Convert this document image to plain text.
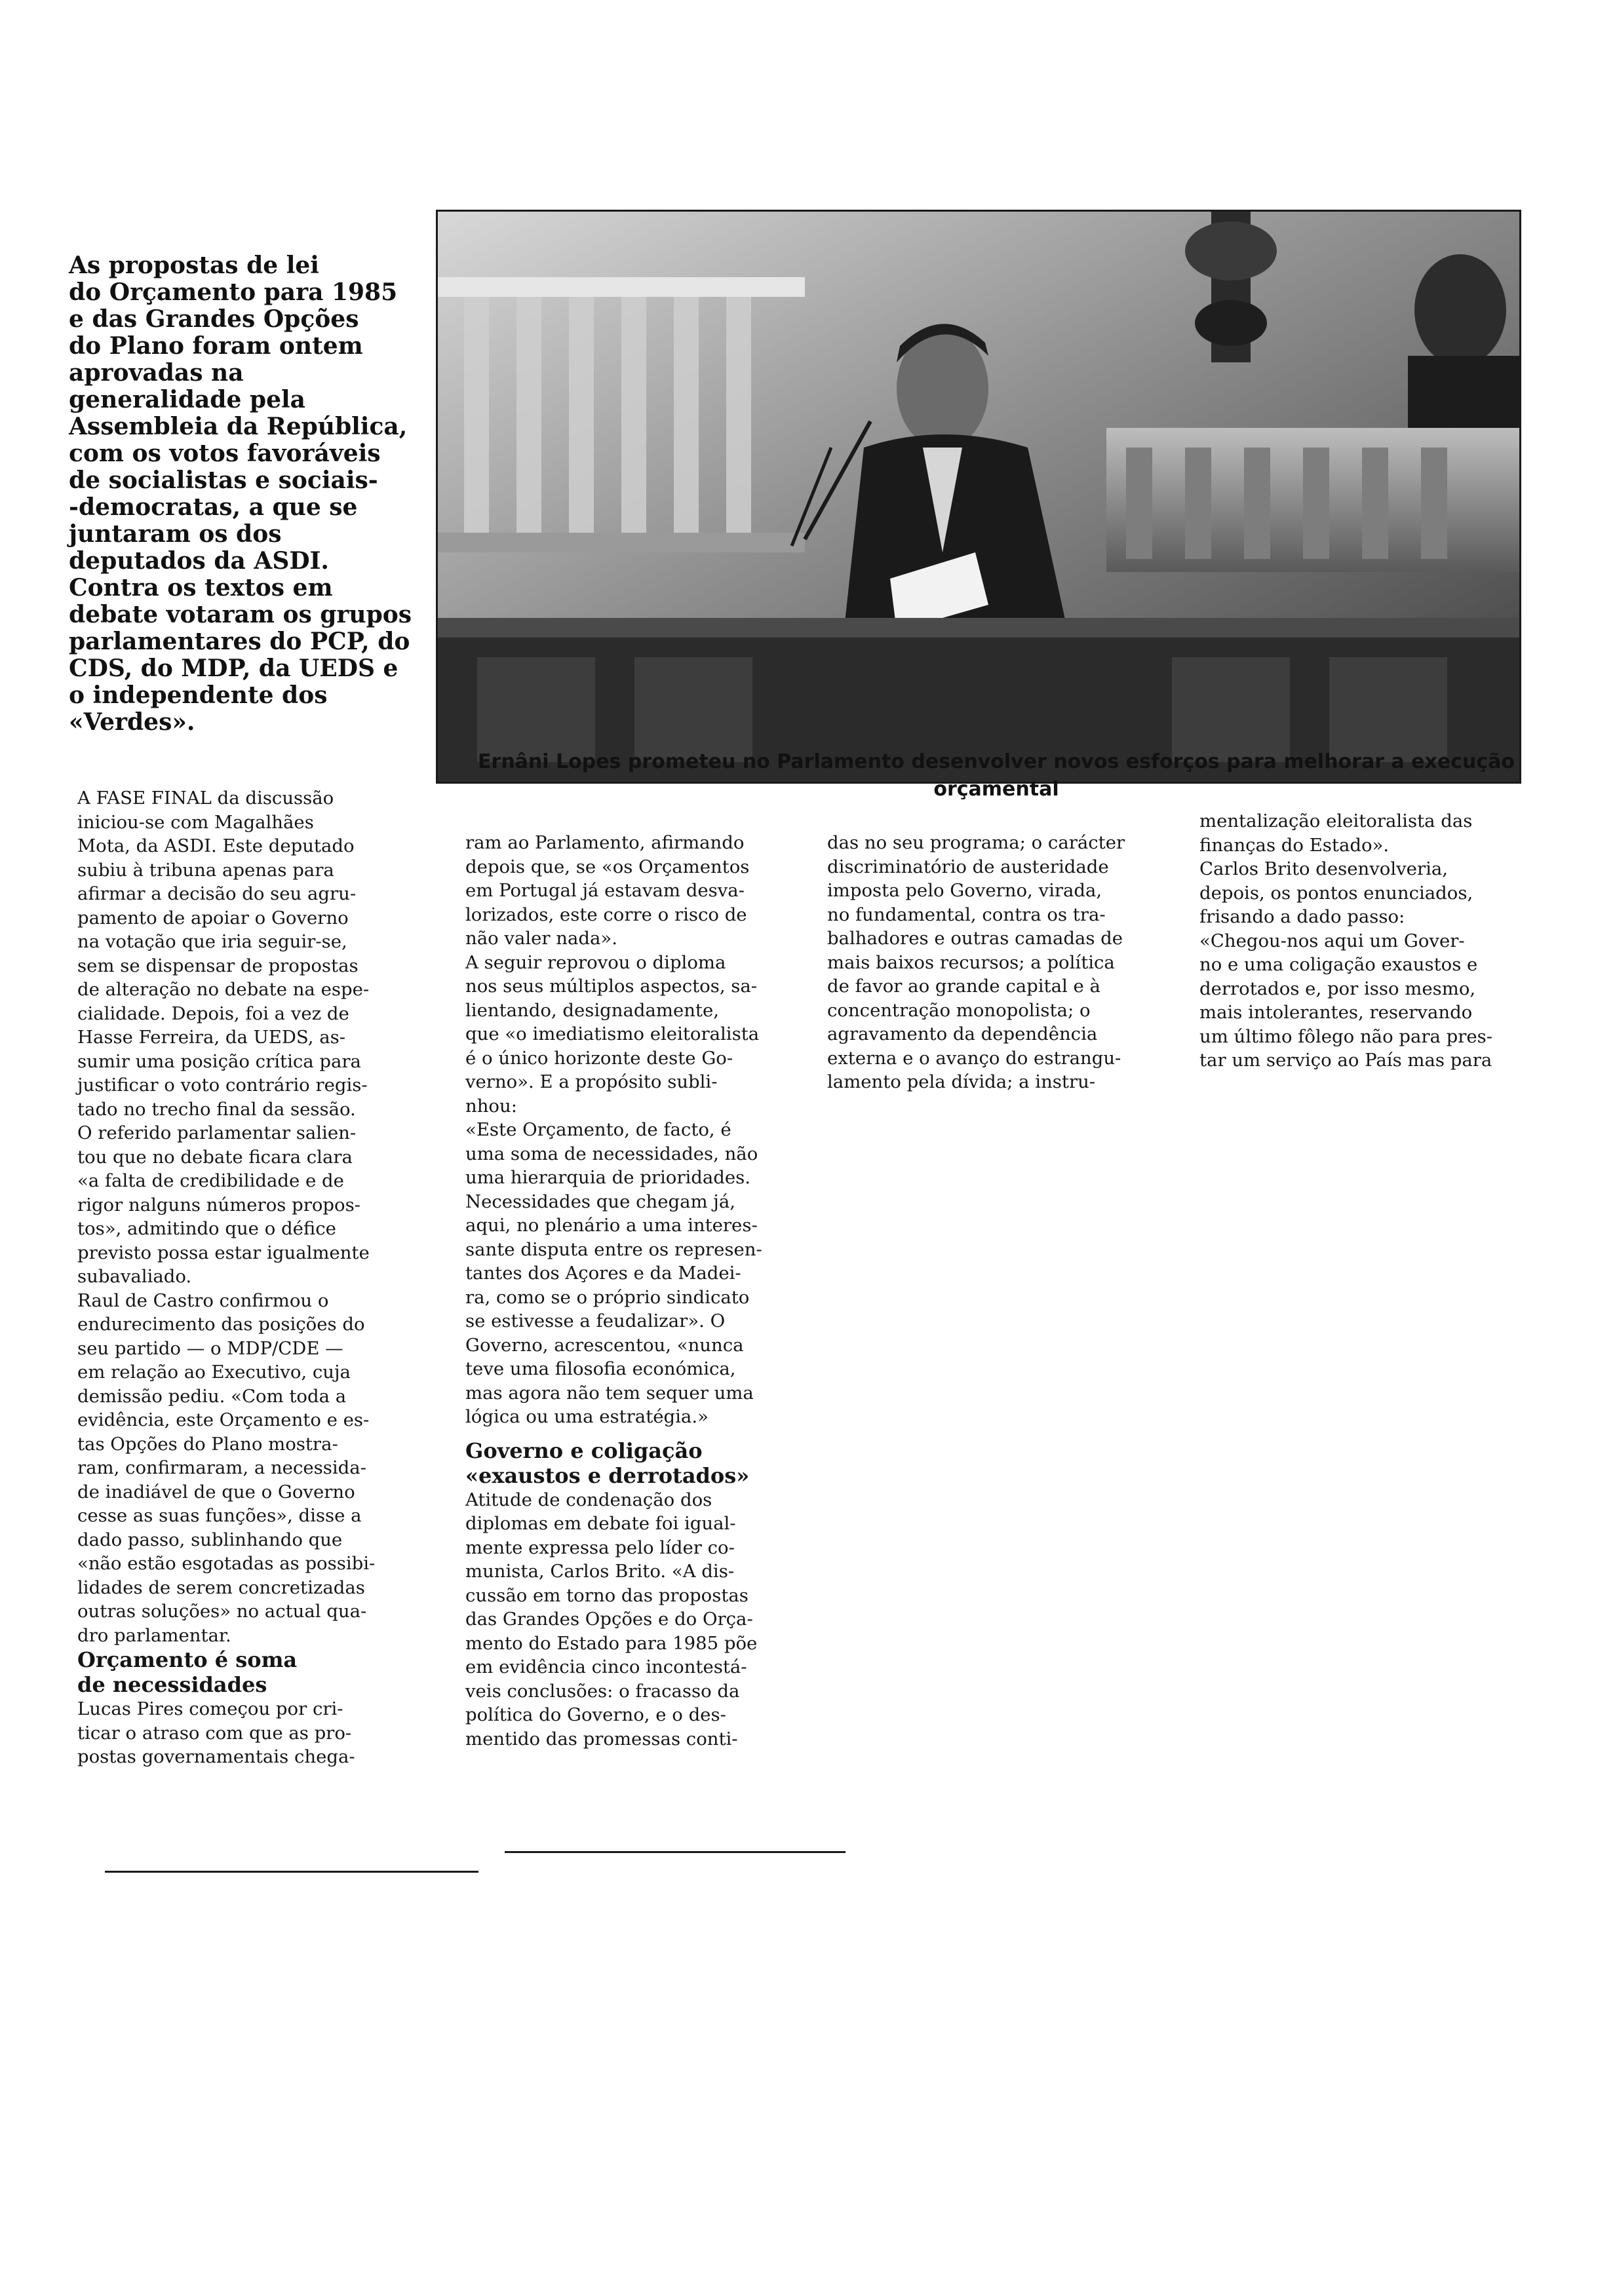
As propostas de lei
do Orçamento para 1985
e das Grandes Opções
do Plano foram ontem
aprovadas na
generalidade pela
Assembleia da República,
com os votos favoráveis
de socialistas e sociais-
-democratas, a que se
juntaram os dos
deputados da ASDI.
Contra os textos em
debate votaram os grupos
parlamentares do PCP, do
CDS, do MDP, da UEDS e
o independente dos
«Verdes».
Ernâni Lopes prometeu no Parlamento desenvolver novos esforços para melhorar a execução
orçamental
A FASE FINAL da discussão
iniciou-se com Magalhães
Mota, da ASDI. Este deputado
subiu à tribuna apenas para
afirmar a decisão do seu agru-
pamento de apoiar o Governo
na votação que iria seguir-se,
sem se dispensar de propostas
de alteração no debate na espe-
cialidade. Depois, foi a vez de
Hasse Ferreira, da UEDS, as-
sumir uma posição crítica para
justificar o voto contrário regis-
tado no trecho final da sessão.
O referido parlamentar salien-
tou que no debate ficara clara
«a falta de credibilidade e de
rigor nalguns números propos-
tos», admitindo que o défice
previsto possa estar igualmente
subavaliado.
Raul de Castro confirmou o
endurecimento das posições do
seu partido — o MDP/CDE —
em relação ao Executivo, cuja
demissão pediu. «Com toda a
evidência, este Orçamento e es-
tas Opções do Plano mostra-
ram, confirmaram, a necessida-
de inadiável de que o Governo
cesse as suas funções», disse a
dado passo, sublinhando que
«não estão esgotadas as possibi-
lidades de serem concretizadas
outras soluções» no actual qua-
dro parlamentar.
Orçamento é soma
de necessidades
Lucas Pires começou por cri-
ticar o atraso com que as pro-
postas governamentais chega-
ram ao Parlamento, afirmando
depois que, se «os Orçamentos
em Portugal já estavam desva-
lorizados, este corre o risco de
não valer nada».
A seguir reprovou o diploma
nos seus múltiplos aspectos, sa-
lientando, designadamente,
que «o imediatismo eleitoralista
é o único horizonte deste Go-
verno». E a propósito subli-
nhou:
«Este Orçamento, de facto, é
uma soma de necessidades, não
uma hierarquia de prioridades.
Necessidades que chegam já,
aqui, no plenário a uma interes-
sante disputa entre os represen-
tantes dos Açores e da Madei-
ra, como se o próprio sindicato
se estivesse a feudalizar». O
Governo, acrescentou, «nunca
teve uma filosofia económica,
mas agora não tem sequer uma
lógica ou uma estratégia.»
Governo e coligação
«exaustos e derrotados»
Atitude de condenação dos
diplomas em debate foi igual-
mente expressa pelo líder co-
munista, Carlos Brito. «A dis-
cussão em torno das propostas
das Grandes Opções e do Orça-
mento do Estado para 1985 põe
em evidência cinco incontestá-
veis conclusões: o fracasso da
política do Governo, e o des-
mentido das promessas conti-
das no seu programa; o carácter
discriminatório de austeridade
imposta pelo Governo, virada,
no fundamental, contra os tra-
balhadores e outras camadas de
mais baixos recursos; a política
de favor ao grande capital e à
concentração monopolista; o
agravamento da dependência
externa e o avanço do estrangu-
lamento pela dívida; a instru-
mentalização eleitoralista das
finanças do Estado».
Carlos Brito desenvolveria,
depois, os pontos enunciados,
frisando a dado passo:
«Chegou-nos aqui um Gover-
no e uma coligação exaustos e
derrotados e, por isso mesmo,
mais intolerantes, reservando
um último fôlego não para pres-
tar um serviço ao País mas para
